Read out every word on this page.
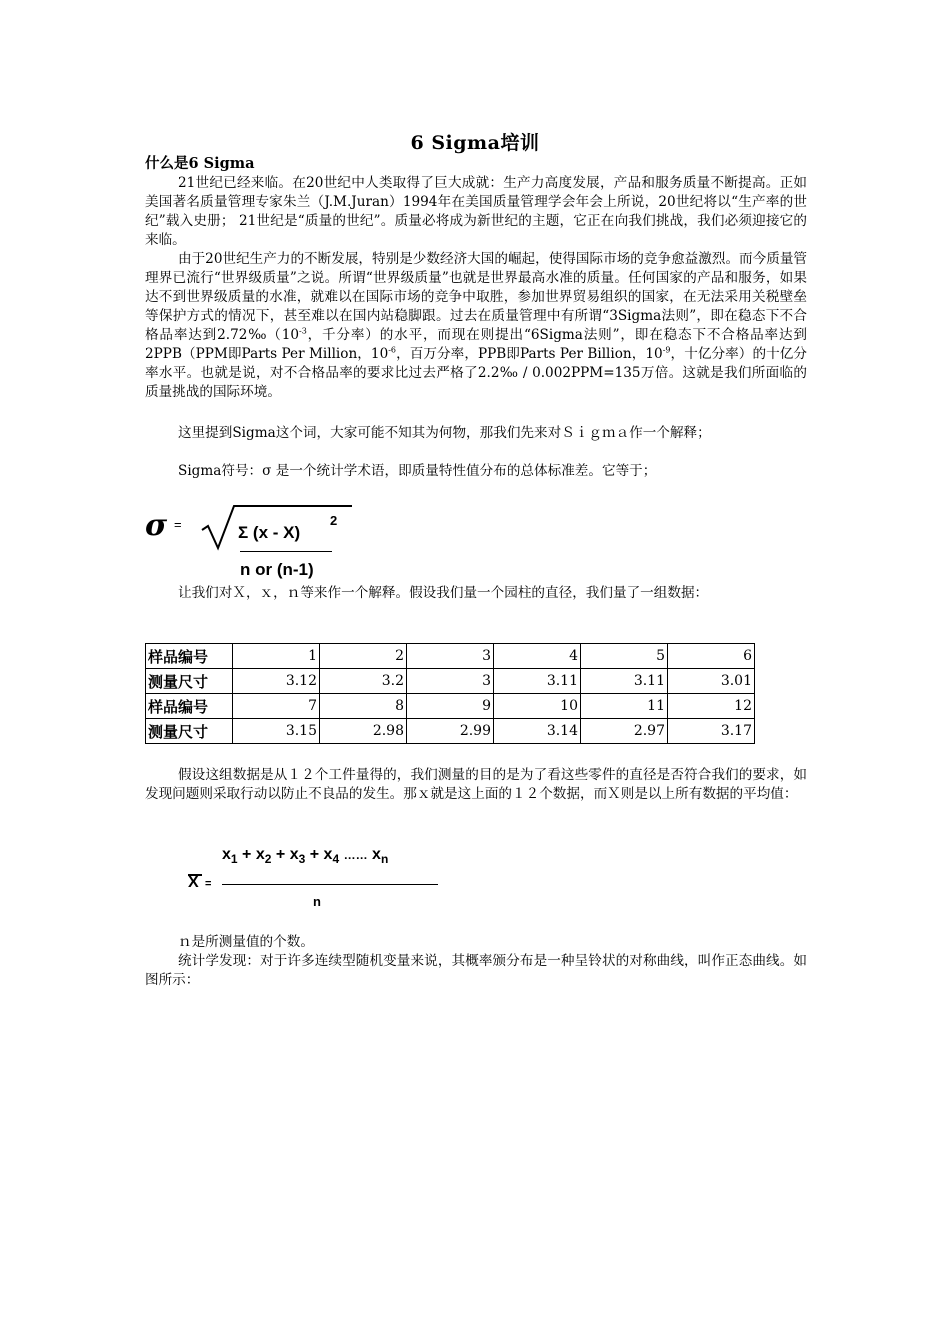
6 Sigma培训
什么是6 Sigma
21世纪已经来临。在20世纪中人类取得了巨大成就：生产力高度发展，产品和服务质量不断提高。正如美国著名质量管理专家朱兰（J.M.Juran）1994年在美国质量管理学会年会上所说，20世纪将以“生产率的世纪”载入史册； 21世纪是“质量的世纪”。质量必将成为新世纪的主题，它正在向我们挑战，我们必须迎接它的来临。
由于20世纪生产力的不断发展，特别是少数经济大国的崛起，使得国际市场的竞争愈益激烈。而今质量管理界已流行“世界级质量”之说。所谓“世界级质量”也就是世界最高水准的质量。任何国家的产品和服务，如果达不到世界级质量的水准，就难以在国际市场的竞争中取胜，参加世界贸易组织的国家，在无法采用关税壁垒等保护方式的情况下，甚至难以在国内站稳脚跟。过去在质量管理中有所谓“3Sigma法则”，即在稳态下不合格品率达到$2.72‰(10^{-3}$，千分率）的水平，而现在则提出“6Sigma法则”，即在稳态下不合格品率达到2PPB（PPM即Parts Per Million，$10^{-6}$，百万分率，PPB即Parts Per Billion，$10^{-9}$，十亿分率）的十亿分率水平。也就是说，对不合格品率的要求比过去严格了2.2‰ / 0.002PPM=135万倍。这就是我们所面临的质量挑战的国际环境。
这里提到Sigma这个词，大家可能不知其为何物，那我们先来对Ｓｉｇｍａ作一个解释；
Sigma符号：σ 是一个统计学术语，即质量特性值分布的总体标准差。它等于；
σ =	Σ (x - X)
2
n or (n-1)
让我们对Ｘ，ｘ，ｎ等来作一个解释。假设我们量一个园柱的直径，我们量了一组数据：
样品编号	1	2	3	4	5	6
测量尺寸	3.12	3.2	3	3.11	3.11	3.01
样品编号	7	8	9	10	11	12
测量尺寸	3.15	2.98	2.99	3.14	2.97	3.17
假设这组数据是从１２个工件量得的，我们测量的目的是为了看这些零件的直径是否符合我们的要求，如发现问题则采取行动以防止不良品的发生。那ｘ就是这上面的１２个数据，而Ｘ则是以上所有数据的平均值：
X =
$x_1 + x_2 + x_3 + x_4$ …… $x_n$
n
ｎ是所测量值的个数。
统计学发现：对于许多连续型随机变量来说，其概率颁分布是一种呈铃状的对称曲线，叫作正态曲线。如图所示：
